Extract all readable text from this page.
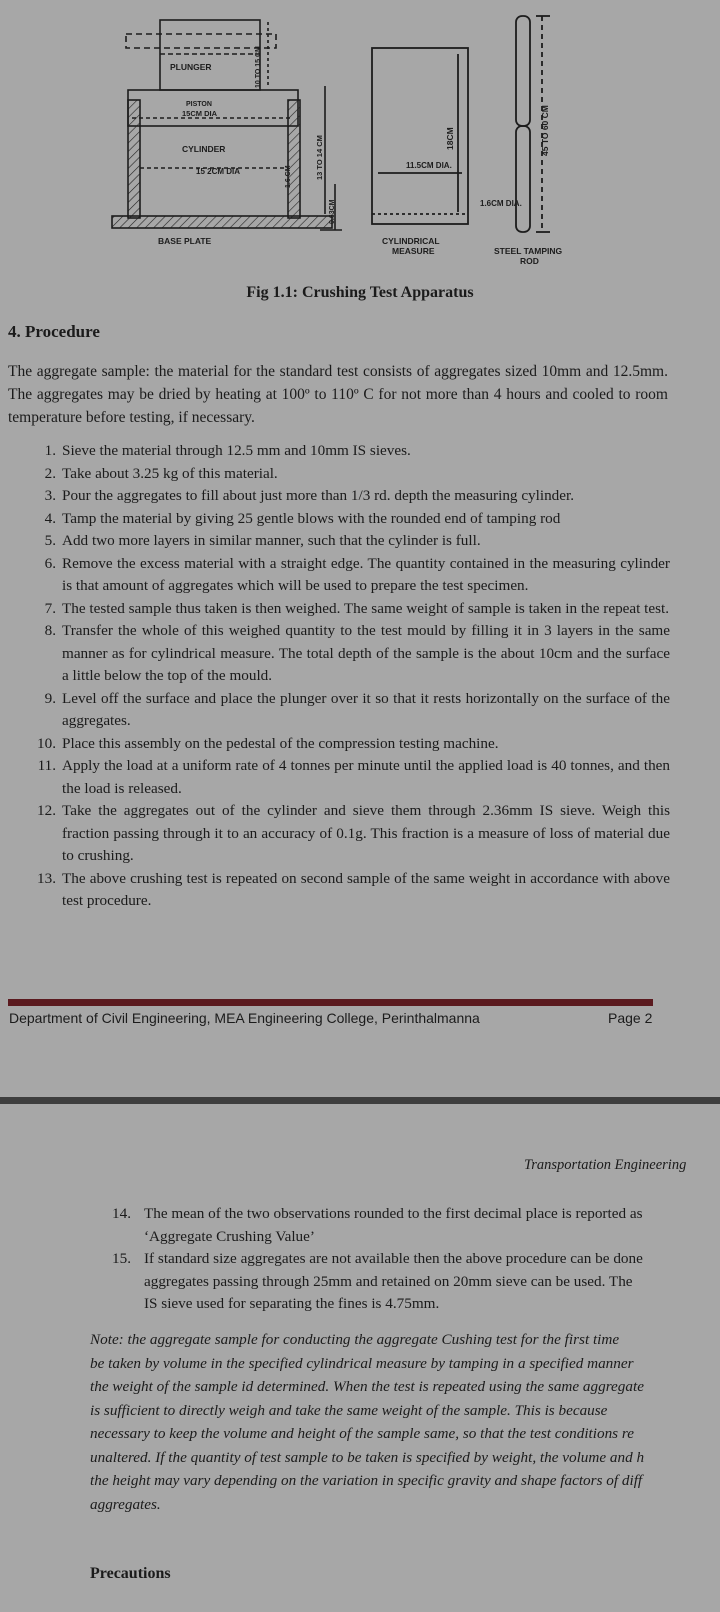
PLUNGER	10 TO 15 CM
PISTON
15CM DIA
CYLINDER
15 2CM DIA	13 TO 14 CM
1.6 CM
0.63CM
BASE PLATE
18CM
11.5CM DIA.
CYLINDRICAL
MEASURE
1.6CM DIA.
45 TO 60 CM
STEEL TAMPING
ROD
Fig 1.1: Crushing Test Apparatus
4. Procedure
The aggregate sample: the material for the standard test consists of aggregates sized 10mm and 12.5mm. The aggregates may be dried by heating at 100º to 110º C for not more than 4 hours and cooled to room temperature before testing, if necessary.
1. Sieve the material through 12.5 mm and 10mm IS sieves.
2. Take about 3.25 kg of this material.
3. Pour the aggregates to fill about just more than 1/3 rd. depth the measuring cylinder.
4. Tamp the material by giving 25 gentle blows with the rounded end of tamping rod
5. Add two more layers in similar manner, such that the cylinder is full.
6. Remove the excess material with a straight edge. The quantity contained in the measuring cylinder is that amount of aggregates which will be used to prepare the test specimen.
7. The tested sample thus taken is then weighed. The same weight of sample is taken in the repeat test.
8. Transfer the whole of this weighed quantity to the test mould by filling it in 3 layers in the same manner as for cylindrical measure. The total depth of the sample is the about 10cm and the surface a little below the top of the mould.
9. Level off the surface and place the plunger over it so that it rests horizontally on the surface of the aggregates.
10. Place this assembly on the pedestal of the compression testing machine.
11. Apply the load at a uniform rate of 4 tonnes per minute until the applied load is 40 tonnes, and then the load is released.
12. Take the aggregates out of the cylinder and sieve them through 2.36mm IS sieve. Weigh this fraction passing through it to an accuracy of 0.1g. This fraction is a measure of loss of material due to crushing.
13. The above crushing test is repeated on second sample of the same weight in accordance with above test procedure.
Department of Civil Engineering, MEA Engineering College, Perinthalmanna	Page 2
Transportation Engineering
14. The mean of the two observations rounded to the first decimal place is reported as
‘Aggregate Crushing Value’
15. If standard size aggregates are not available then the above procedure can be done
aggregates passing through 25mm and retained on 20mm sieve can be used. The
IS sieve used for separating the fines is 4.75mm.
Note: the aggregate sample for conducting the aggregate Cushing test for the first time
be taken by volume in the specified cylindrical measure by tamping in a specified manner
the weight of the sample id determined. When the test is repeated using the same aggregate
is sufficient to directly weigh and take the same weight of the sample. This is because
necessary to keep the volume and height of the sample same, so that the test conditions re
unaltered. If the quantity of test sample to be taken is specified by weight, the volume and h
the height may vary depending on the variation in specific gravity and shape factors of diff
aggregates.
Precautions
